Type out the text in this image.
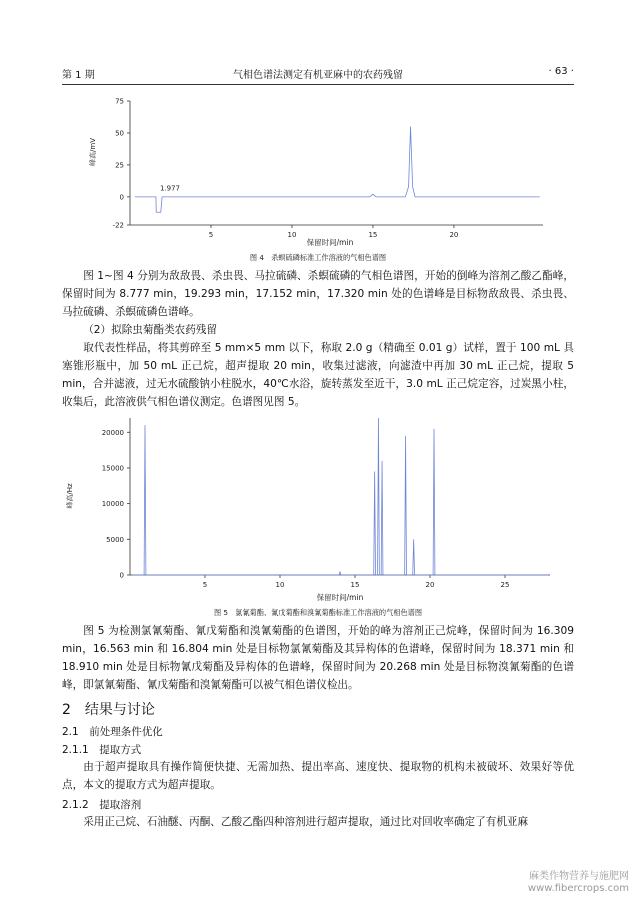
第 1 期	气相色谱法测定有机亚麻中的农药残留	· 63 ·
75
50
25
0
-22
5	10	15	20
1.977
峰高/mV
保留时间/min
图 4　杀螟硫磷标准工作溶液的气相色谱图
图 1~图 4 分别为敌敌畏、杀虫畏、马拉硫磷、杀螟硫磷的气相色谱图，开始的倒峰为溶剂乙酸乙酯峰，保留时间为 8.777 min，19.293 min，17.152 min，17.320 min 处的色谱峰是目标物敌敌畏、杀虫畏、马拉硫磷、杀螟硫磷色谱峰。
（2）拟除虫菊酯类农药残留
取代表性样品，将其剪碎至 5 mm×5 mm 以下，称取 2.0 g（精确至 0.01 g）试样，置于 100 mL 具塞锥形瓶中，加 50 mL 正己烷，超声提取 20 min，收集过滤液，向滤渣中再加 30 mL 正己烷，提取 5 min，合并滤液，过无水硫酸钠小柱脱水，40℃水浴，旋转蒸发至近干，3.0 mL 正己烷定容，过炭黑小柱，收集后，此溶液供气相色谱仪测定。色谱图见图 5。
20000
15000
10000
5000
0
5	10	15	20	25
峰高/Hz
保留时间/min
图 5　氯氰菊酯、氰戊菊酯和溴氰菊酯标准工作溶液的气相色谱图
图 5 为检测氯氰菊酯、氰戊菊酯和溴氰菊酯的色谱图，开始的峰为溶剂正己烷峰，保留时间为 16.309 min，16.563 min 和 16.804 min 处是目标物氯氰菊酯及其异构体的色谱峰，保留时间为 18.371 min 和 18.910 min 处是目标物氰戊菊酯及异构体的色谱峰，保留时间为 20.268 min 处是目标物溴氰菊酯的色谱峰，即氯氰菊酯、氰戊菊酯和溴氰菊酯可以被气相色谱仪检出。
2　结果与讨论
2.1　前处理条件优化
2.1.1　提取方式
由于超声提取具有操作简便快捷、无需加热、提出率高、速度快、提取物的机构未被破坏、效果好等优点，本文的提取方式为超声提取。
2.1.2　提取溶剂
采用正己烷、石油醚、丙酮、乙酸乙酯四种溶剂进行超声提取，通过比对回收率确定了有机亚麻
麻类作物营养与施肥网
www.fibercrops.com
